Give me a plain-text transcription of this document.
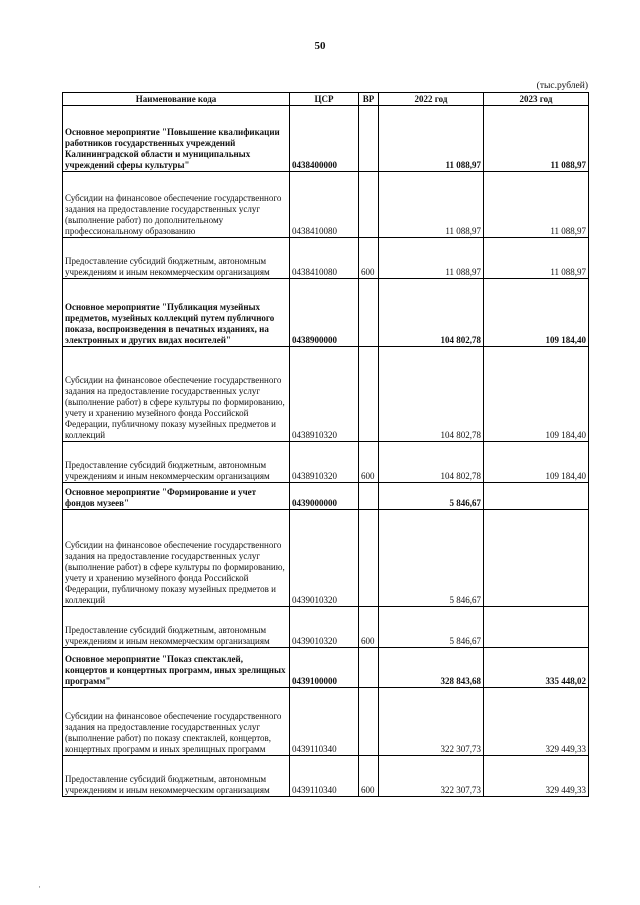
50
(тыс.рублей)
Наименование кода	ЦСР	ВР	2022 год	2023 год
Основное мероприятие "Повышение квалификации работников государственных учреждений Калининградской области и муниципальных учреждений сферы культуры"	0438400000		11 088,97	11 088,97
Субсидии на финансовое обеспечение государственного задания на предоставление государственных услуг (выполнение работ) по дополнительному профессиональному образованию	0438410080		11 088,97	11 088,97
Предоставление субсидий бюджетным, автономным учреждениям и иным некоммерческим организациям	0438410080	600	11 088,97	11 088,97
Основное мероприятие "Публикация музейных предметов, музейных коллекций путем публичного показа, воспроизведения в печатных изданиях, на электронных и других видах носителей"	0438900000		104 802,78	109 184,40
Субсидии на финансовое обеспечение государственного задания на предоставление государственных услуг (выполнение работ) в сфере культуры по формированию, учету и хранению музейного фонда Российской Федерации, публичному показу музейных предметов и коллекций	0438910320		104 802,78	109 184,40
Предоставление субсидий бюджетным, автономным учреждениям и иным некоммерческим организациям	0438910320	600	104 802,78	109 184,40
Основное мероприятие "Формирование и учет фондов музеев"	0439000000		5 846,67	
Субсидии на финансовое обеспечение государственного задания на предоставление государственных услуг (выполнение работ) в сфере культуры по формированию, учету и хранению музейного фонда Российской Федерации, публичному показу музейных предметов и коллекций	0439010320		5 846,67	
Предоставление субсидий бюджетным, автономным учреждениям и иным некоммерческим организациям	0439010320	600	5 846,67	
Основное мероприятие "Показ спектаклей, концертов и концертных программ, иных зрелищных программ"	0439100000		328 843,68	335 448,02
Субсидии на финансовое обеспечение государственного задания на предоставление государственных услуг (выполнение работ) по показу спектаклей, концертов, концертных программ и иных зрелищных программ	0439110340		322 307,73	329 449,33
Предоставление субсидий бюджетным, автономным учреждениям и иным некоммерческим организациям	0439110340	600	322 307,73	329 449,33
·
